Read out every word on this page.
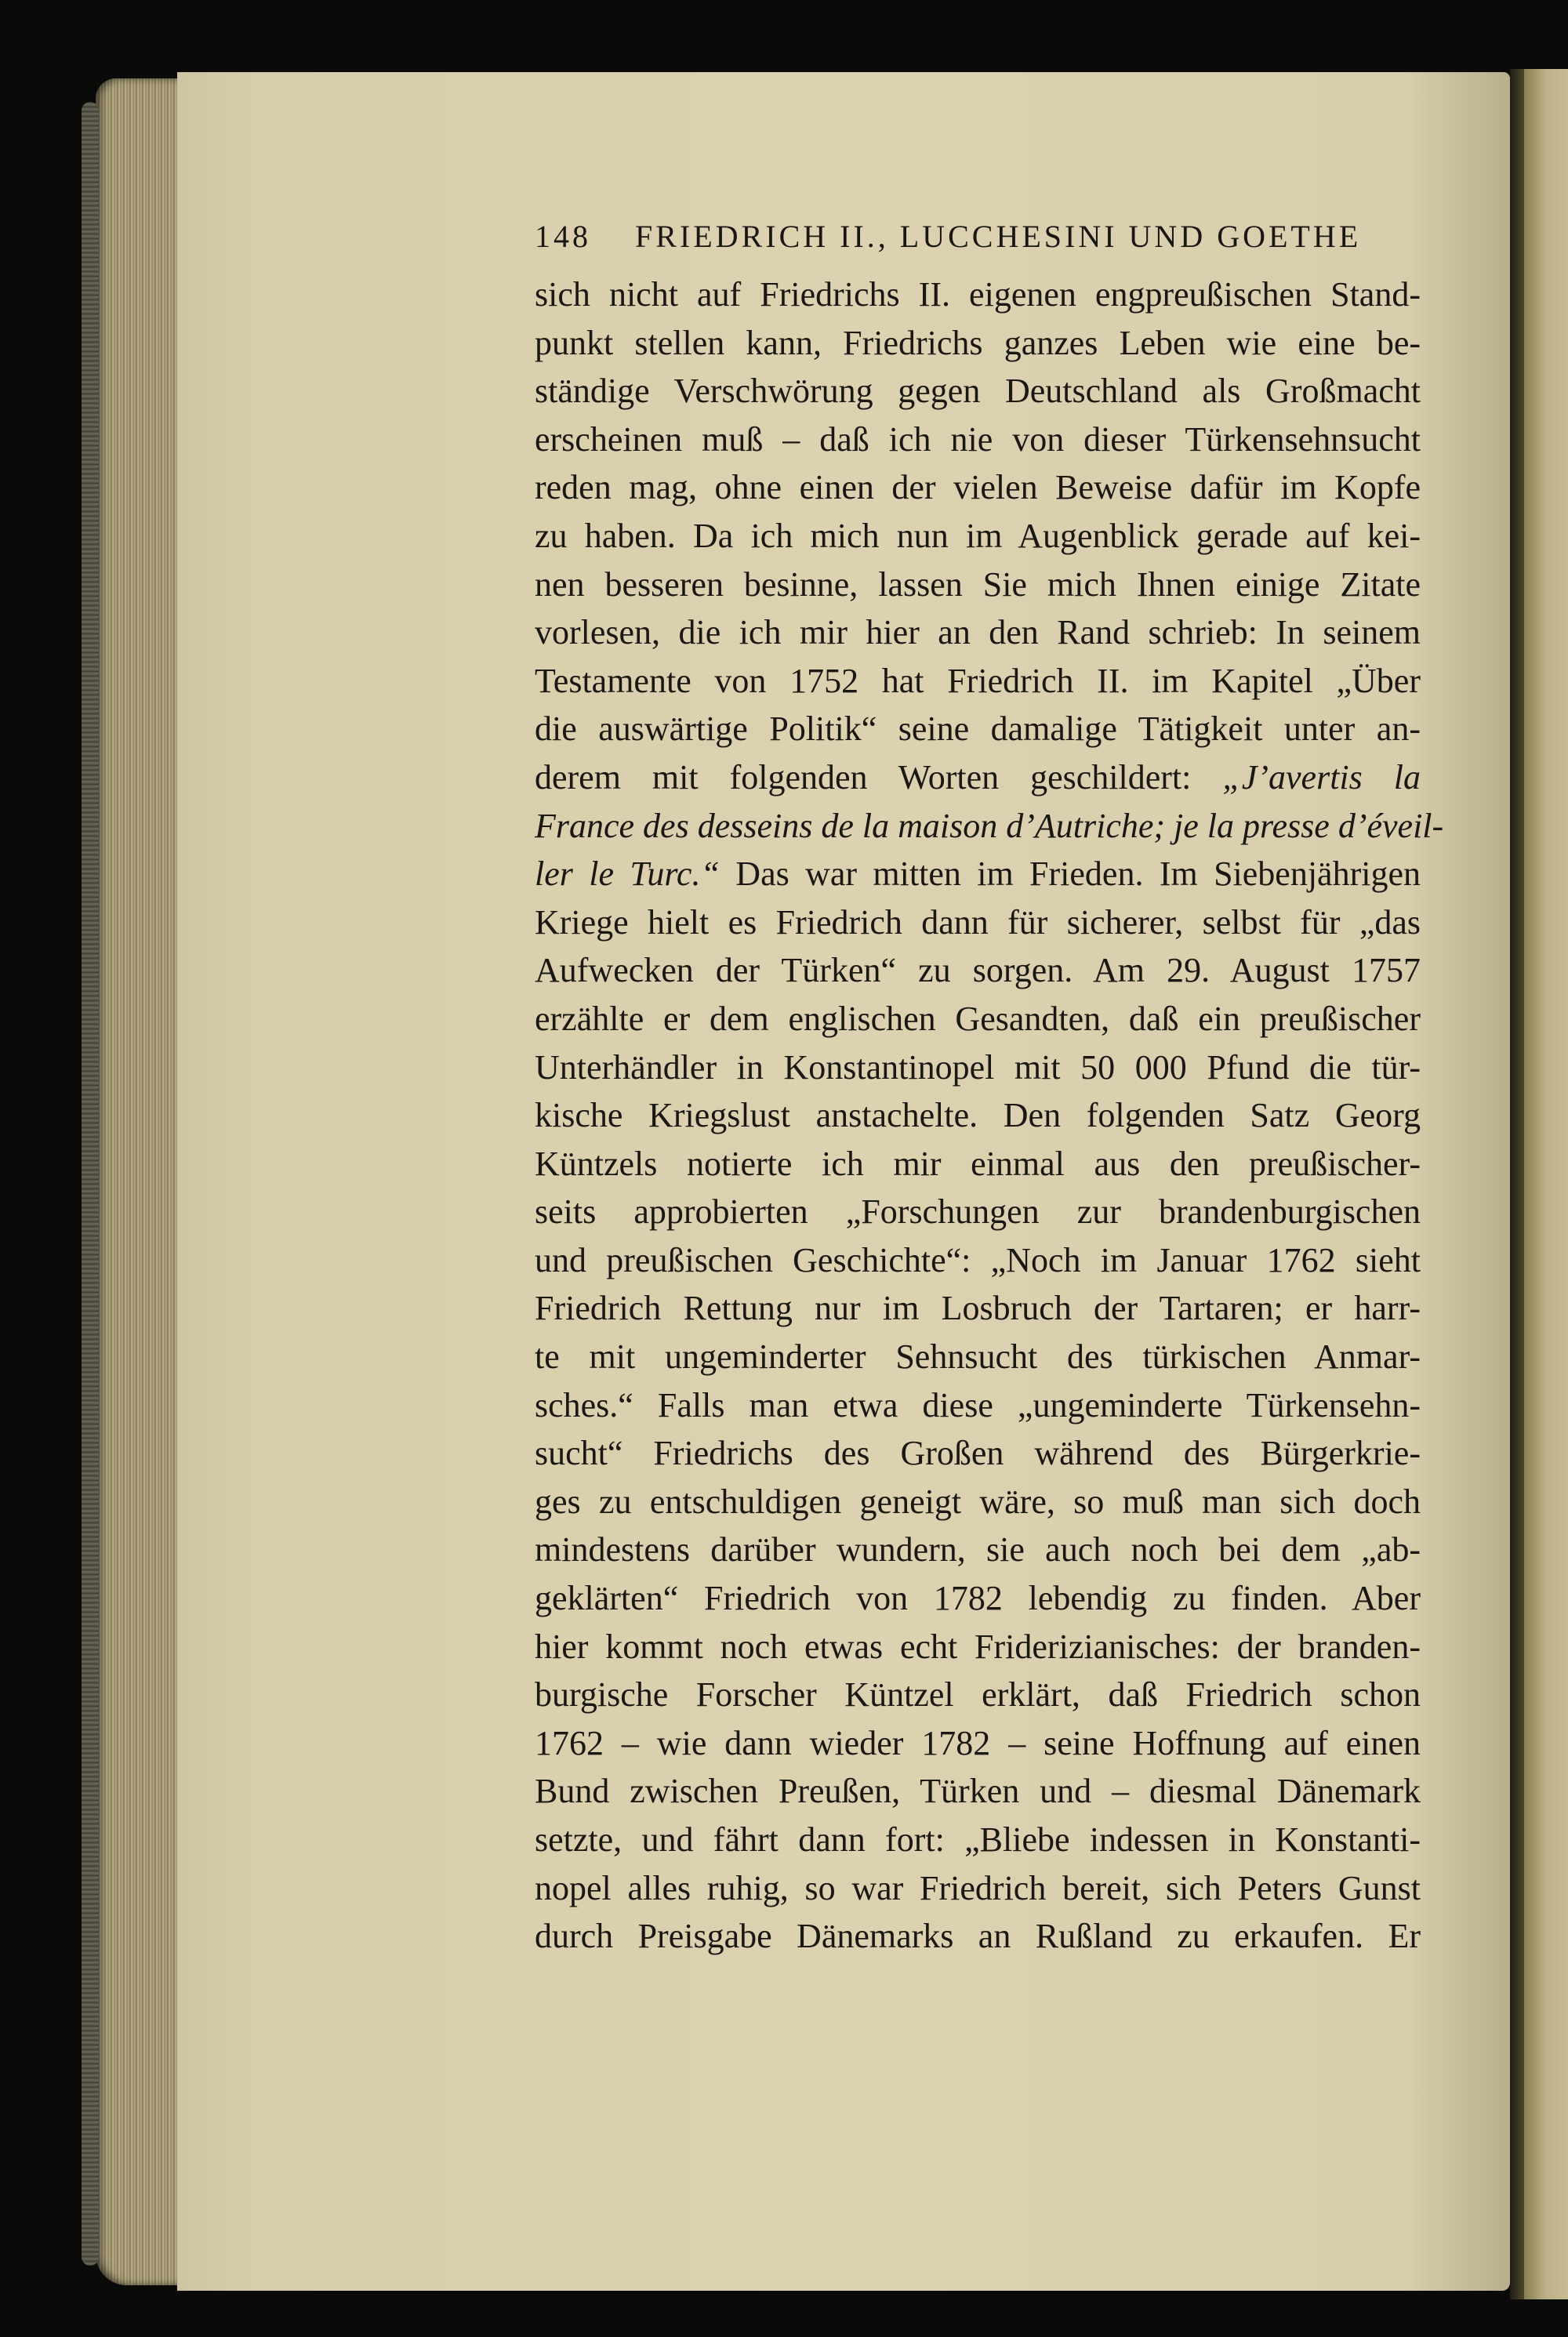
148 FRIEDRICH II., LUCCHESINI UND GOETHE
sich nicht auf Friedrichs II. eigenen engpreußischen Stand-
punkt stellen kann, Friedrichs ganzes Leben wie eine be-
ständige Verschwörung gegen Deutschland als Großmacht
erscheinen muß – daß ich nie von dieser Türkensehnsucht
reden mag, ohne einen der vielen Beweise dafür im Kopfe
zu haben. Da ich mich nun im Augenblick gerade auf kei-
nen besseren besinne, lassen Sie mich Ihnen einige Zitate
vorlesen, die ich mir hier an den Rand schrieb: In seinem
Testamente von 1752 hat Friedrich II. im Kapitel „Über
die auswärtige Politik“ seine damalige Tätigkeit unter an-
derem mit folgenden Worten geschildert: „J’avertis la
France des desseins de la maison d’Autriche; je la presse d’éveil-
ler le Turc.“ Das war mitten im Frieden. Im Siebenjährigen
Kriege hielt es Friedrich dann für sicherer, selbst für „das
Aufwecken der Türken“ zu sorgen. Am 29. August 1757
erzählte er dem englischen Gesandten, daß ein preußischer
Unterhändler in Konstantinopel mit 50 000 Pfund die tür-
kische Kriegslust anstachelte. Den folgenden Satz Georg
Küntzels notierte ich mir einmal aus den preußischer-
seits approbierten „Forschungen zur brandenburgischen
und preußischen Geschichte“: „Noch im Januar 1762 sieht
Friedrich Rettung nur im Losbruch der Tartaren; er harr-
te mit ungeminderter Sehnsucht des türkischen Anmar-
sches.“ Falls man etwa diese „ungeminderte Türkensehn-
sucht“ Friedrichs des Großen während des Bürgerkrie-
ges zu entschuldigen geneigt wäre, so muß man sich doch
mindestens darüber wundern, sie auch noch bei dem „ab-
geklärten“ Friedrich von 1782 lebendig zu finden. Aber
hier kommt noch etwas echt Friderizianisches: der branden-
burgische Forscher Küntzel erklärt, daß Friedrich schon
1762 – wie dann wieder 1782 – seine Hoffnung auf einen
Bund zwischen Preußen, Türken und – diesmal Dänemark
setzte, und fährt dann fort: „Bliebe indessen in Konstanti-
nopel alles ruhig, so war Friedrich bereit, sich Peters Gunst
durch Preisgabe Dänemarks an Rußland zu erkaufen. Er
